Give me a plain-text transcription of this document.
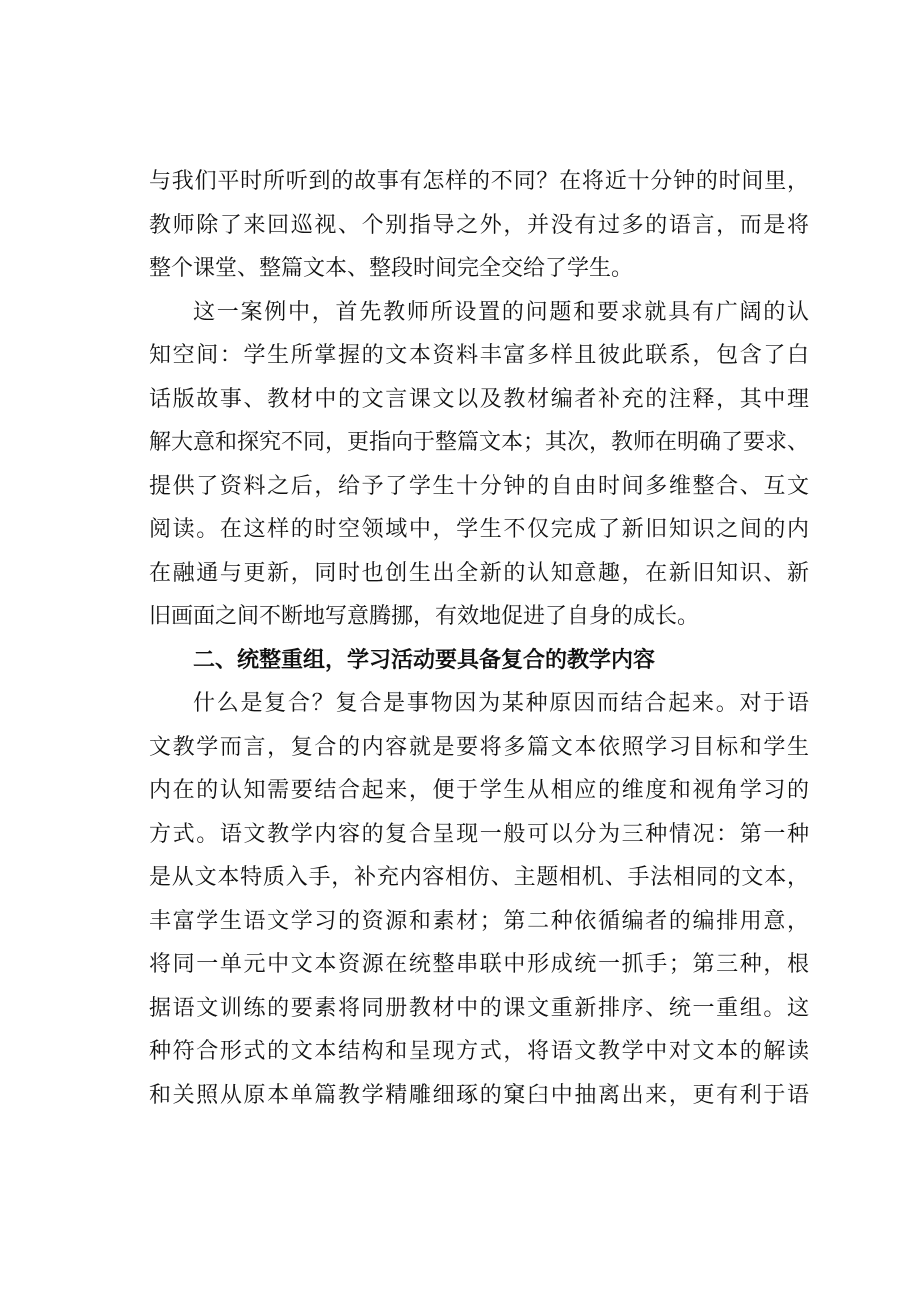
与我们平时所听到的故事有怎样的不同？在将近十分钟的时间里，
教师除了来回巡视、个别指导之外，并没有过多的语言，而是将
整个课堂、整篇文本、整段时间完全交给了学生。
这一案例中，首先教师所设置的问题和要求就具有广阔的认
知空间：学生所掌握的文本资料丰富多样且彼此联系，包含了白
话版故事、教材中的文言课文以及教材编者补充的注释，其中理
解大意和探究不同，更指向于整篇文本；其次，教师在明确了要求、
提供了资料之后，给予了学生十分钟的自由时间多维整合、互文
阅读。在这样的时空领域中，学生不仅完成了新旧知识之间的内
在融通与更新，同时也创生出全新的认知意趣，在新旧知识、新
旧画面之间不断地写意腾挪，有效地促进了自身的成长。
二、统整重组，学习活动要具备复合的教学内容
什么是复合？复合是事物因为某种原因而结合起来。对于语
文教学而言，复合的内容就是要将多篇文本依照学习目标和学生
内在的认知需要结合起来，便于学生从相应的维度和视角学习的
方式。语文教学内容的复合呈现一般可以分为三种情况：第一种
是从文本特质入手，补充内容相仿、主题相机、手法相同的文本，
丰富学生语文学习的资源和素材；第二种依循编者的编排用意，
将同一单元中文本资源在统整串联中形成统一抓手；第三种，根
据语文训练的要素将同册教材中的课文重新排序、统一重组。这
种符合形式的文本结构和呈现方式，将语文教学中对文本的解读
和关照从原本单篇教学精雕细琢的窠臼中抽离出来，更有利于语
